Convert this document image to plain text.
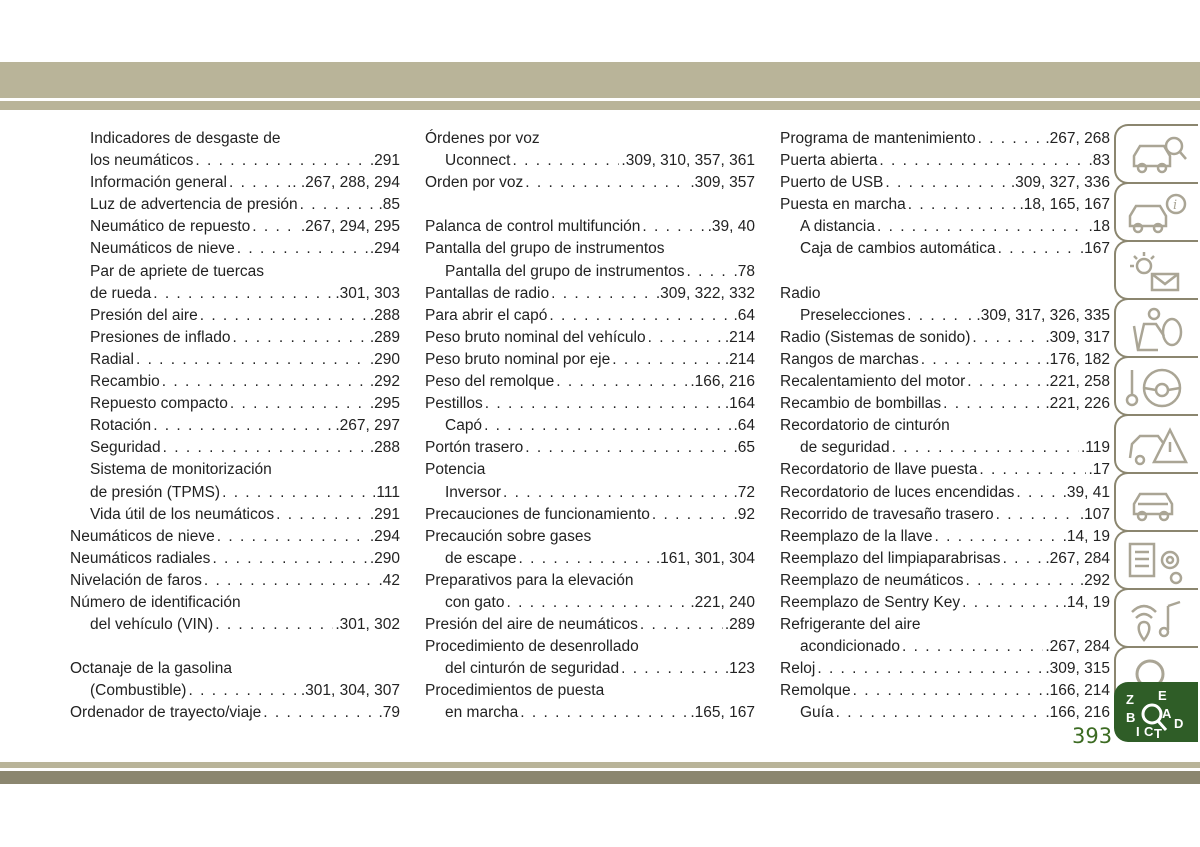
Indicadores de desgaste de
los neumáticos . . .	.291
Información general . . .	. .267, 288, 294
Luz de advertencia de presión . . .	.85
Neumático de repuesto . . .	.267, 294, 295
Neumáticos de nieve . . .	.294
Par de apriete de tuercas
de rueda . . .	.301, 303
Presión del aire . . .	.288
Presiones de inflado . . .	.289
Radial . . .	.290
Recambio . . .	.292
Repuesto compacto . . .	.295
Rotación . . .	.267, 297
Seguridad . . .	.288
Sistema de monitorización
de presión (TPMS) . . .	.111
Vida útil de los neumáticos . . .	.291
Neumáticos de nieve . . .	.294
Neumáticos radiales . . .	.290
Nivelación de faros . . .	.42
Número de identificación
del vehículo (VIN) . . .	.301, 302
Octanaje de la gasolina
(Combustible) . . .	.301, 304, 307
Ordenador de trayecto/viaje . . .	.79
Órdenes por voz
Uconnect . . .	.309, 310, 357, 361
Orden por voz . . .	.309, 357
Palanca de control multifunción . . .	.39, 40
Pantalla del grupo de instrumentos
Pantalla del grupo de instrumentos . . .	.78
Pantallas de radio . . .	.309, 322, 332
Para abrir el capó . . .	.64
Peso bruto nominal del vehículo . . .	.214
Peso bruto nominal por eje . . .	.214
Peso del remolque . . .	.166, 216
Pestillos . . .	.164
Capó . . .	.64
Portón trasero . . .	.65
Potencia
Inversor . . .	.72
Precauciones de funcionamiento . . .	.92
Precaución sobre gases
de escape . . .	.161, 301, 304
Preparativos para la elevación
con gato . . .	.221, 240
Presión del aire de neumáticos . . .	.289
Procedimiento de desenrollado
del cinturón de seguridad . . .	.123
Procedimientos de puesta
en marcha . . .	.165, 167
Programa de mantenimiento . . .	.267, 268
Puerta abierta . . .	.83
Puerto de USB . . .	.309, 327, 336
Puesta en marcha . . .	.18, 165, 167
A distancia . . .	.18
Caja de cambios automática . . .	.167
Radio
Preselecciones . . .	. .309, 317, 326, 335
Radio (Sistemas de sonido) . . .	.309, 317
Rangos de marchas . . .	.176, 182
Recalentamiento del motor . . .	.221, 258
Recambio de bombillas . . .	.221, 226
Recordatorio de cinturón
de seguridad . . .	.119
Recordatorio de llave puesta . . .	.17
Recordatorio de luces encendidas . . .	.39, 41
Recorrido de travesaño trasero . . .	.107
Reemplazo de la llave . . .	.14, 19
Reemplazo del limpiaparabrisas . . .	.267, 284
Reemplazo de neumáticos . . .	.292
Reemplazo de Sentry Key . . .	.14, 19
Refrigerante del aire
acondicionado . . .	.267, 284
Reloj . . .	.309, 315
Remolque . . .	.166, 214
Guía . . .	.166, 216
i
Z E
B A
I C T
D
393
